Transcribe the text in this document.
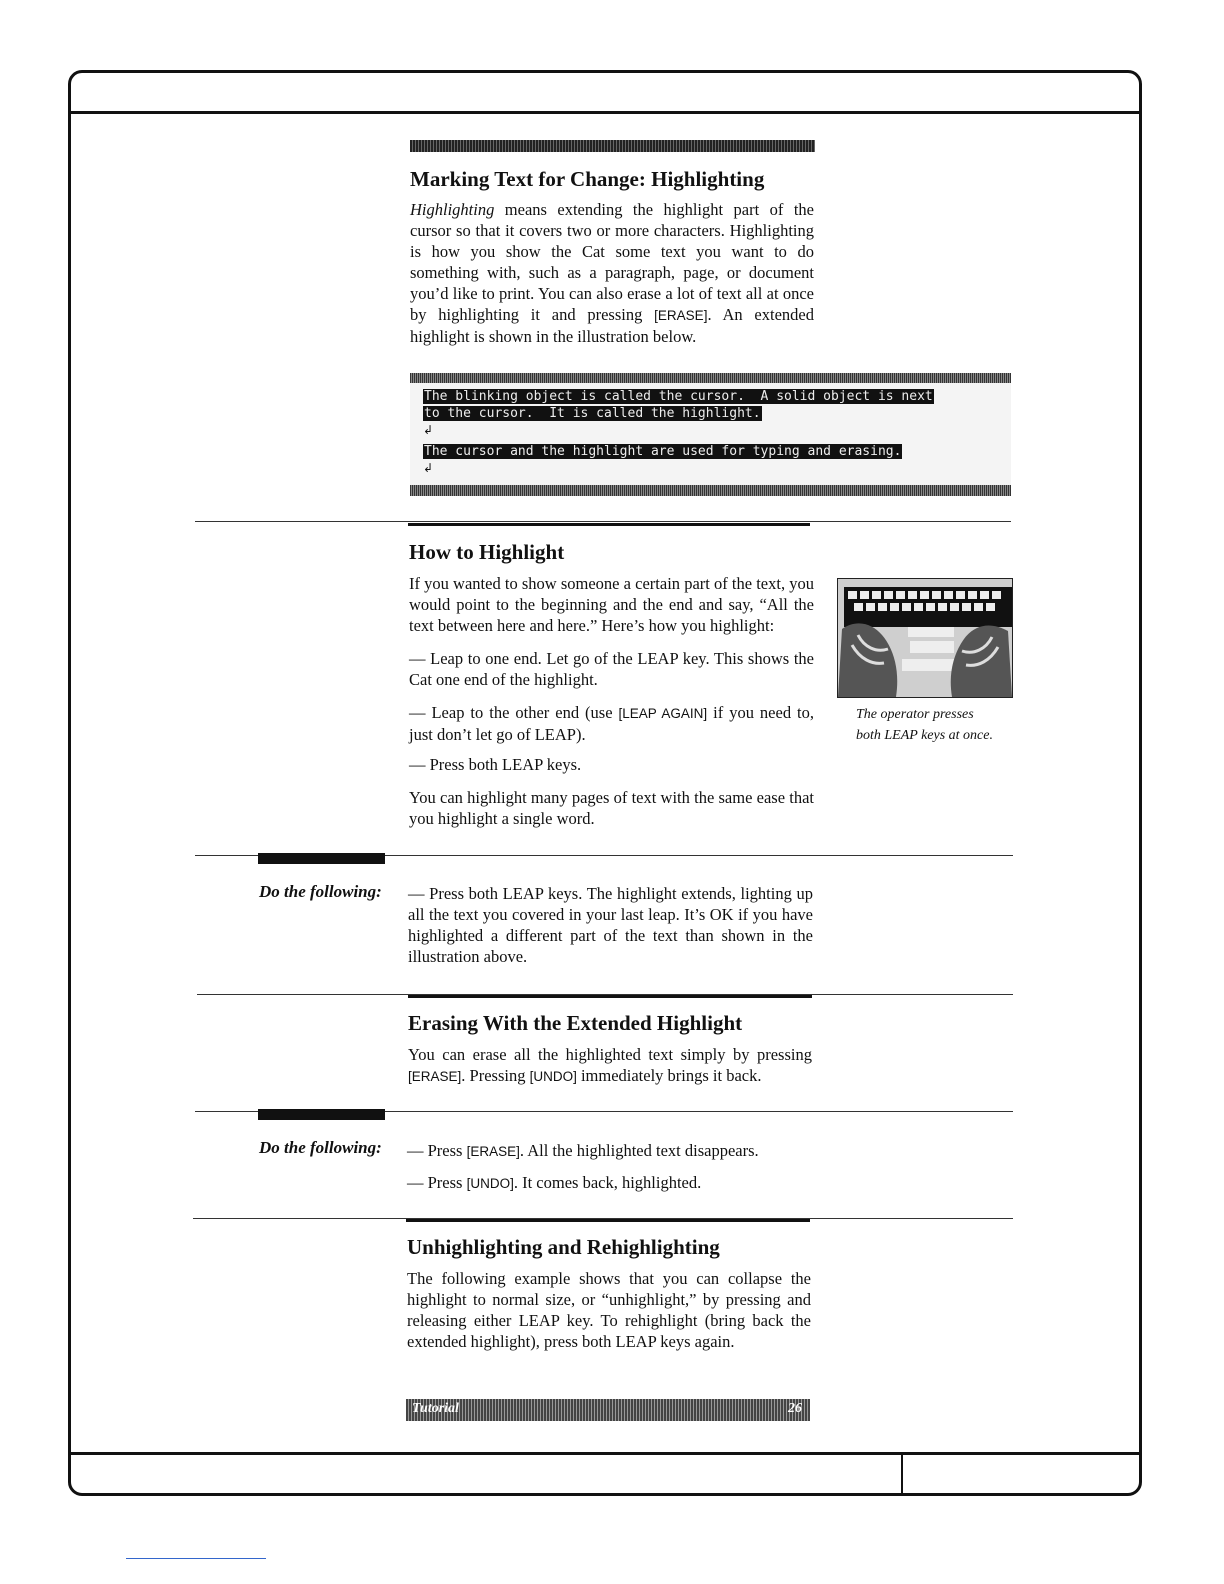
Marking Text for Change: Highlighting

Highlighting means extending the highlight part of the cursor so that it covers two or more characters. Highlighting is how you show the Cat some text you want to do something with, such as a paragraph, page, or document you’d like to print. You can also erase a lot of text all at once by highlighting it and pressing [ERASE]. An extended highlight is shown in the illustration below.

The blinking object is called the cursor.  A solid object is next
to the cursor.  It is called the highlight.
↲
The cursor and the highlight are used for typing and erasing.
↲
How to Highlight

If you wanted to show someone a certain part of the text, you would point to the beginning and the end and say, “All the text between here and here.” Here’s how you highlight:

— Leap to one end. Let go of the LEAP key. This shows the Cat one end of the highlight.

— Leap to the other end (use [LEAP AGAIN] if you need to, just don’t let go of LEAP).

— Press both LEAP keys.

You can highlight many pages of text with the same ease that you highlight a single word.

The operator presses
both LEAP keys at once.
Do the following: — Press both LEAP keys. The highlight extends, lighting up all the text you covered in your last leap. It’s OK if you have highlighted a different part of the text than shown in the illustration above.

Erasing With the Extended Highlight

You can erase all the highlighted text simply by pressing [ERASE]. Pressing [UNDO] immediately brings it back.

Do the following: — Press [ERASE]. All the highlighted text disappears.

— Press [UNDO]. It comes back, highlighted.

Unhighlighting and Rehighlighting

The following example shows that you can collapse the highlight to normal size, or “unhighlight,” by pressing and releasing either LEAP key. To rehighlight (bring back the extended highlight), press both LEAP keys again.

Tutorial	26
